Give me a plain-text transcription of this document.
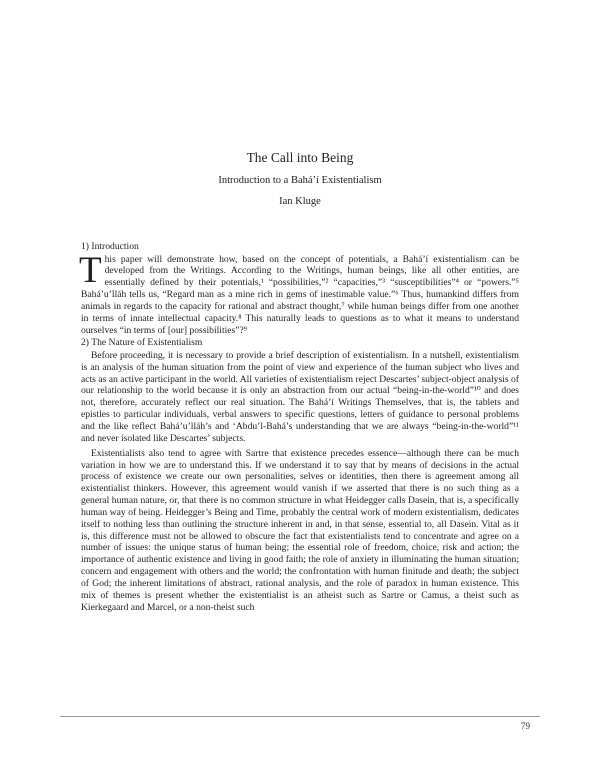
The Call into Being
Introduction to a Bahá’í Existentialism
Ian Kluge
1) Introduction

This paper will demonstrate how, based on the concept of potentials, a Bahá’í existentialism can be developed from the Writings. According to the Writings, human beings, like all other entities, are essentially defined by their potentials,¹ “possibilities,”² “capacities,”³ “susceptibilities”⁴ or “powers.”⁵ Bahá’u’lláh tells us, “Regard man as a mine rich in gems of inestimable value.”⁶ Thus, humankind differs from animals in regards to the capacity for rational and abstract thought,⁷ while human beings differ from one another in terms of innate intellectual capacity.⁸ This naturally leads to questions as to what it means to understand ourselves “in terms of [our] possibilities”?⁹

2) The Nature of Existentialism

Before proceeding, it is necessary to provide a brief description of existentialism. In a nutshell, existentialism is an analysis of the human situation from the point of view and experience of the human subject who lives and acts as an active participant in the world. All varieties of existentialism reject Descartes’ subject-object analysis of our relationship to the world because it is only an abstraction from our actual “being-in-the-world”¹⁰ and does not, therefore, accurately reflect our real situation. The Bahá’í Writings Themselves, that is, the tablets and epistles to particular individuals, verbal answers to specific questions, letters of guidance to personal problems and the like reflect Bahá’u’lláh’s and ‘Abdu’l-Bahá’s understanding that we are always “being-in-the-world”¹¹ and never isolated like Descartes’ subjects.

Existentialists also tend to agree with Sartre that existence precedes essence—although there can be much variation in how we are to understand this. If we understand it to say that by means of decisions in the actual process of existence we create our own personalities, selves or identities, then there is agreement among all existentialist thinkers. However, this agreement would vanish if we asserted that there is no such thing as a general human nature, or, that there is no common structure in what Heidegger calls Dasein, that is, a specifically human way of being. Heidegger’s Being and Time, probably the central work of modern existentialism, dedicates itself to nothing less than outlining the structure inherent in and, in that sense, essential to, all Dasein. Vital as it is, this difference must not be allowed to obscure the fact that existentialists tend to concentrate and agree on a number of issues: the unique status of human being; the essential role of freedom, choice, risk and action; the importance of authentic existence and living in good faith; the role of anxiety in illuminating the human situation; concern and engagement with others and the world; the confrontation with human finitude and death; the subject of God; the inherent limitations of abstract, rational analysis, and the role of paradox in human existence. This mix of themes is present whether the existentialist is an atheist such as Sartre or Camus, a theist such as Kierkegaard and Marcel, or a non-theist such

79
